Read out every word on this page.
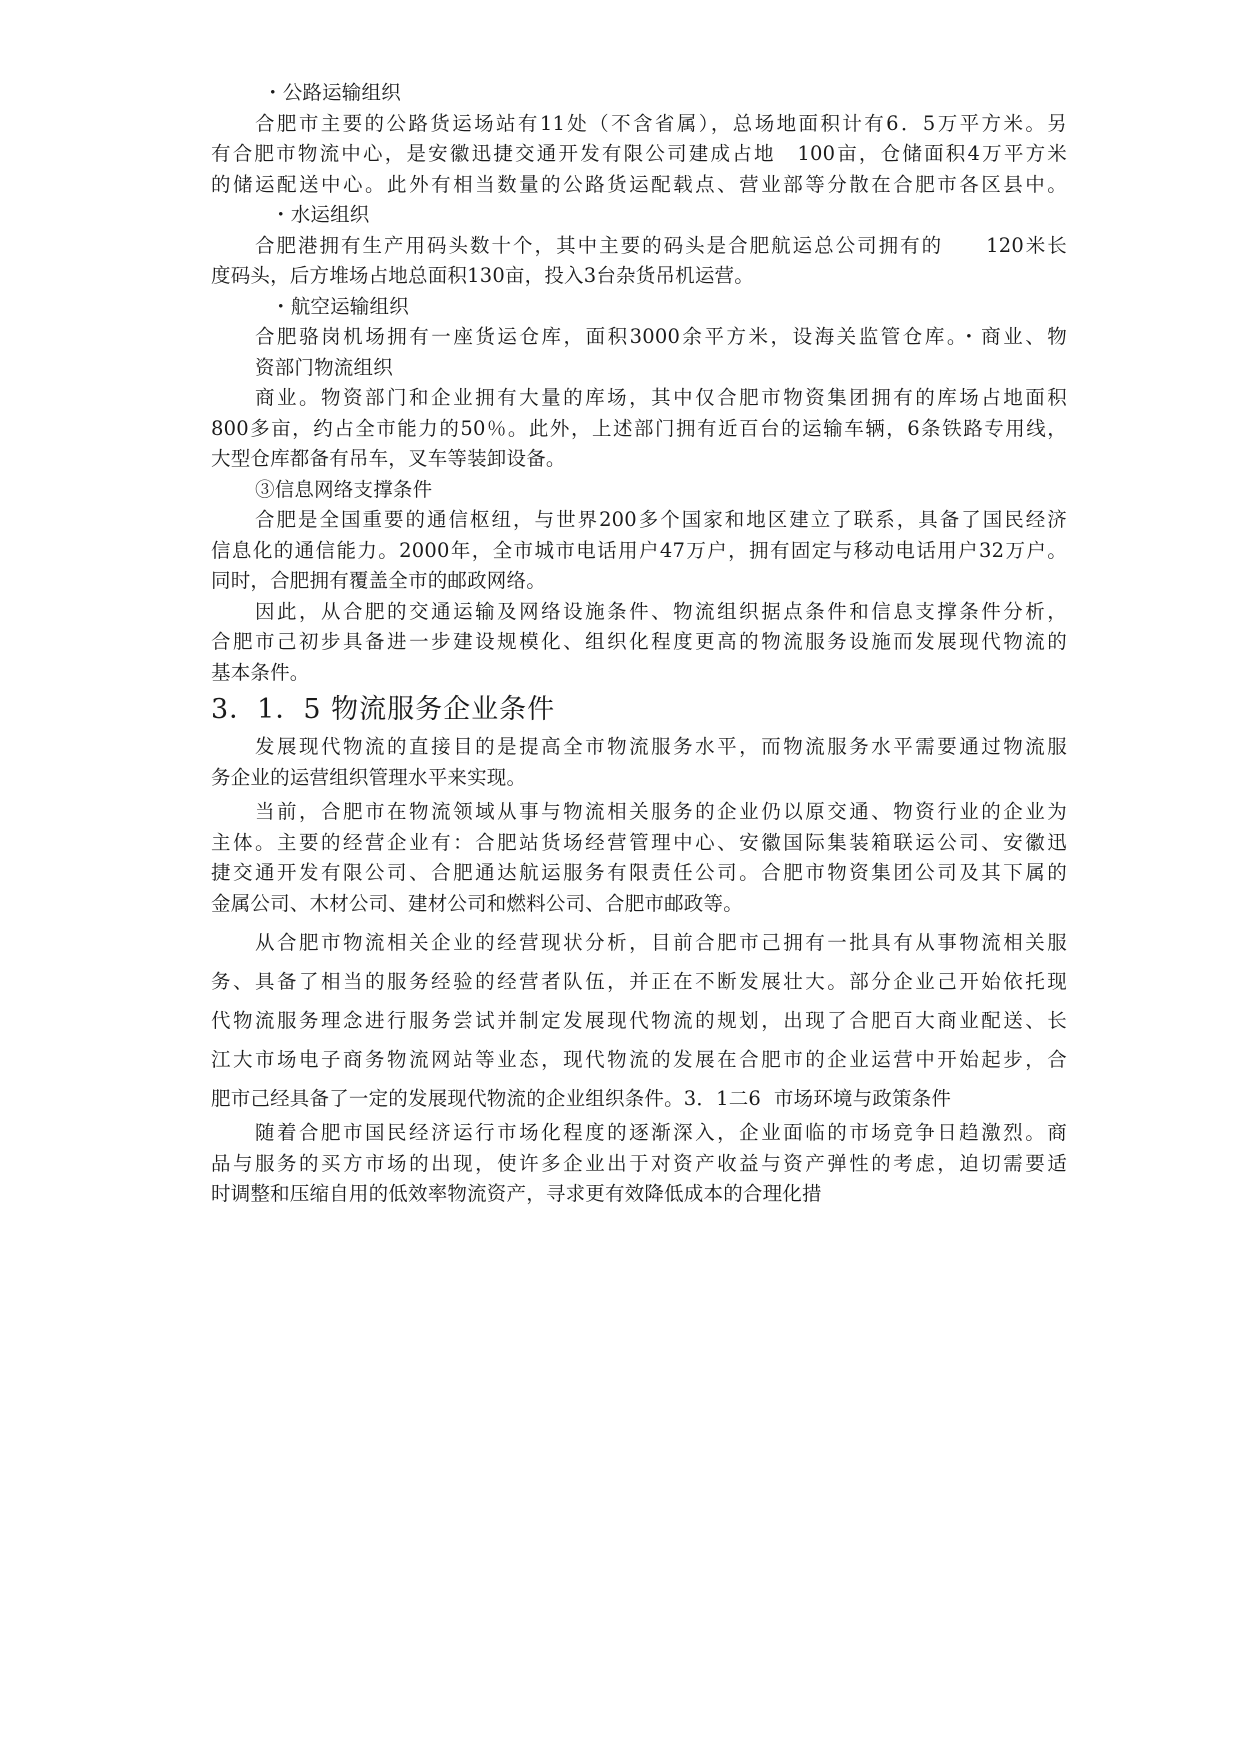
・公路运输组织
合肥市主要的公路货运场站有11处（不含省属），总场地面积计有6．5万平方米。另
有合肥市物流中心，是安徽迅捷交通开发有限公司建成占地　100亩，仓储面积4万平方米
的储运配送中心。此外有相当数量的公路货运配载点、营业部等分散在合肥市各区县中。
・水运组织
合肥港拥有生产用码头数十个，其中主要的码头是合肥航运总公司拥有的　　120米长
度码头，后方堆场占地总面积130亩，投入3台杂货吊机运营。
・航空运输组织
合肥骆岗机场拥有一座货运仓库，面积3000余平方米，设海关监管仓库。・商业、物
资部门物流组织
商业。物资部门和企业拥有大量的库场，其中仅合肥市物资集团拥有的库场占地面积
800多亩，约占全市能力的50％。此外，上述部门拥有近百台的运输车辆，6条铁路专用线，
大型仓库都备有吊车，叉车等装卸设备。
③信息网络支撑条件
合肥是全国重要的通信枢纽，与世界200多个国家和地区建立了联系，具备了国民经济
信息化的通信能力。2000年，全市城市电话用户47万户，拥有固定与移动电话用户32万户。
同时，合肥拥有覆盖全市的邮政网络。
因此，从合肥的交通运输及网络设施条件、物流组织据点条件和信息支撑条件分析，
合肥市己初步具备进一步建设规模化、组织化程度更高的物流服务设施而发展现代物流的
基本条件。
3．1．5 物流服务企业条件
发展现代物流的直接目的是提高全市物流服务水平，而物流服务水平需要通过物流服
务企业的运营组织管理水平来实现。
当前，合肥市在物流领域从事与物流相关服务的企业仍以原交通、物资行业的企业为
主体。主要的经营企业有：合肥站货场经营管理中心、安徽国际集装箱联运公司、安徽迅
捷交通开发有限公司、合肥通达航运服务有限责任公司。合肥市物资集团公司及其下属的
金属公司、木材公司、建材公司和燃料公司、合肥市邮政等。
从合肥市物流相关企业的经营现状分析，目前合肥市己拥有一批具有从事物流相关服
务、具备了相当的服务经验的经营者队伍，并正在不断发展壮大。部分企业己开始依托现
代物流服务理念进行服务尝试并制定发展现代物流的规划，出现了合肥百大商业配送、长
江大市场电子商务物流网站等业态，现代物流的发展在合肥市的企业运营中开始起步，合
肥市己经具备了一定的发展现代物流的企业组织条件。3．1二6  市场环境与政策条件
随着合肥市国民经济运行市场化程度的逐渐深入，企业面临的市场竞争日趋激烈。商
品与服务的买方市场的出现，使许多企业出于对资产收益与资产弹性的考虑，迫切需要适
时调整和压缩自用的低效率物流资产，寻求更有效降低成本的合理化措
